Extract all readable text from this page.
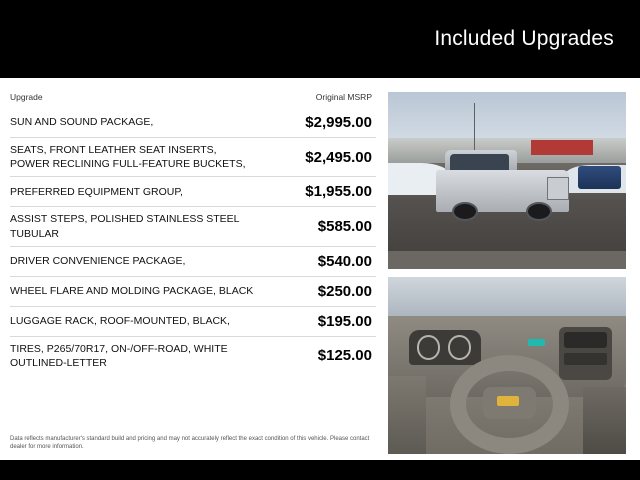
Included Upgrades
Upgrade	Original MSRP
SUN AND SOUND PACKAGE,	$2,995.00
SEATS, FRONT LEATHER SEAT INSERTS, POWER RECLINING FULL-FEATURE BUCKETS,	$2,495.00
PREFERRED EQUIPMENT GROUP,	$1,955.00
ASSIST STEPS, POLISHED STAINLESS STEEL TUBULAR	$585.00
DRIVER CONVENIENCE PACKAGE,	$540.00
WHEEL FLARE AND MOLDING PACKAGE, BLACK	$250.00
LUGGAGE RACK, ROOF-MOUNTED, BLACK,	$195.00
TIRES, P265/70R17, ON-/OFF-ROAD, WHITE OUTLINED-LETTER	$125.00
Data reflects manufacturer's standard build and pricing and may not accurately reflect the exact condition of this vehicle. Please contact dealer for more information.
